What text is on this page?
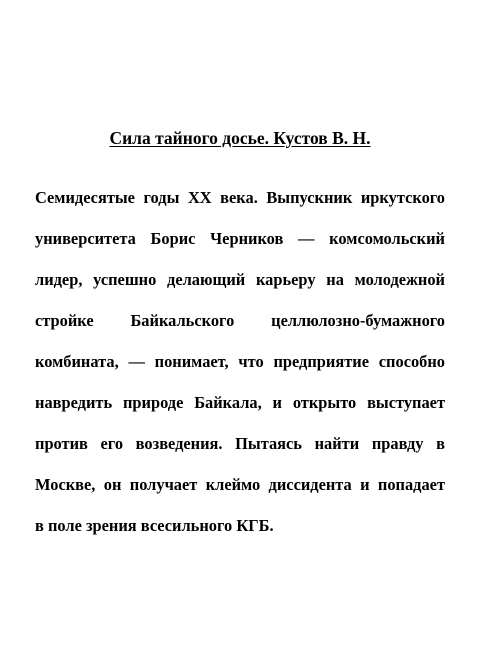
Сила тайного досье. Кустов В. Н.
Семидесятые годы XX века. Выпускник иркутского
университета Борис Черников — комсомольский
лидер, успешно делающий карьеру на молодежной
стройке Байкальского целлюлозно-бумажного
комбината, — понимает, что предприятие способно
навредить природе Байкала, и открыто выступает
против его возведения. Пытаясь найти правду в
Москве, он получает клеймо диссидента и попадает
в поле зрения всесильного КГБ.
